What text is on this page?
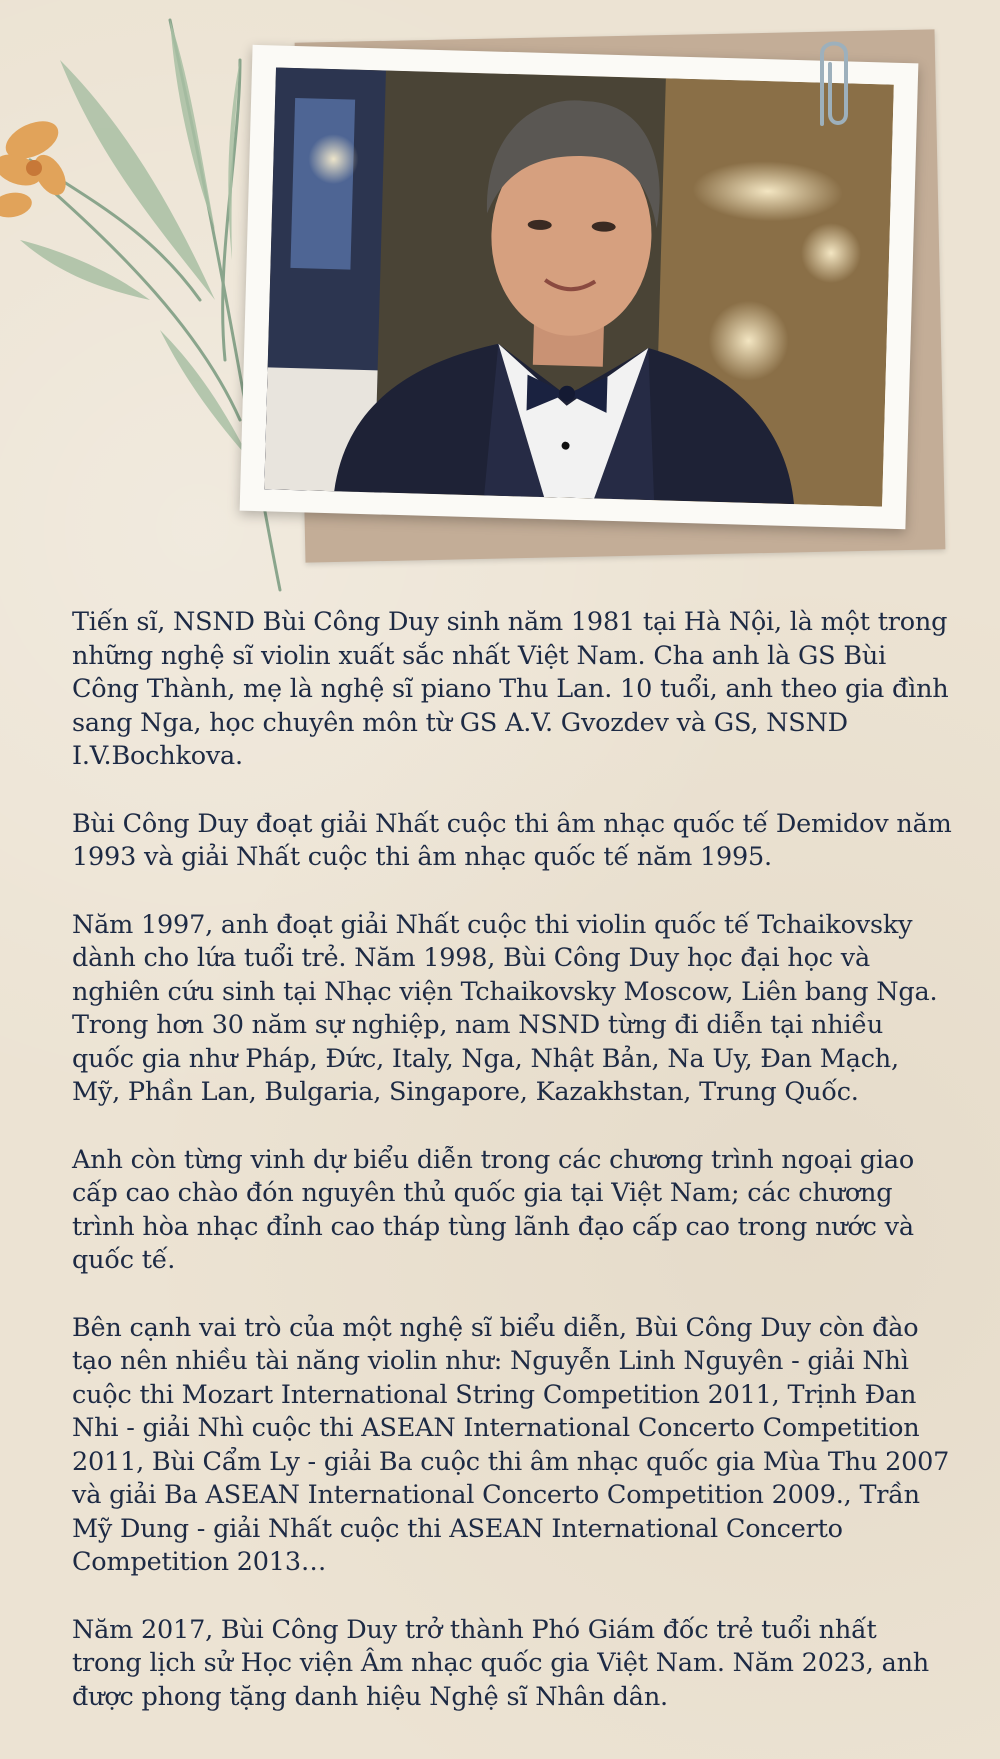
Tiến sĩ, NSND Bùi Công Duy sinh năm 1981 tại Hà Nội, là một trong những nghệ sĩ violin xuất sắc nhất Việt Nam. Cha anh là GS Bùi Công Thành, mẹ là nghệ sĩ piano Thu Lan. 10 tuổi, anh theo gia đình sang Nga, học chuyên môn từ GS A.V. Gvozdev và GS, NSND I.V.Bochkova.

Bùi Công Duy đoạt giải Nhất cuộc thi âm nhạc quốc tế Demidov năm 1993 và giải Nhất cuộc thi âm nhạc quốc tế năm 1995.

Năm 1997, anh đoạt giải Nhất cuộc thi violin quốc tế Tchaikovsky dành cho lứa tuổi trẻ. Năm 1998, Bùi Công Duy học đại học và nghiên cứu sinh tại Nhạc viện Tchaikovsky Moscow, Liên bang Nga. Trong hơn 30 năm sự nghiệp, nam NSND từng đi diễn tại nhiều quốc gia như Pháp, Đức, Italy, Nga, Nhật Bản, Na Uy, Đan Mạch, Mỹ, Phần Lan, Bulgaria, Singapore, Kazakhstan, Trung Quốc.

Anh còn từng vinh dự biểu diễn trong các chương trình ngoại giao cấp cao chào đón nguyên thủ quốc gia tại Việt Nam; các chương trình hòa nhạc đỉnh cao tháp tùng lãnh đạo cấp cao trong nước và quốc tế.

Bên cạnh vai trò của một nghệ sĩ biểu diễn, Bùi Công Duy còn đào tạo nên nhiều tài năng violin như: Nguyễn Linh Nguyên - giải Nhì cuộc thi Mozart International String Competition 2011, Trịnh Đan Nhi - giải Nhì cuộc thi ASEAN International Concerto Competition 2011, Bùi Cẩm Ly - giải Ba cuộc thi âm nhạc quốc gia Mùa Thu 2007 và giải Ba ASEAN International Concerto Competition 2009., Trần Mỹ Dung - giải Nhất cuộc thi ASEAN International Concerto Competition 2013…

Năm 2017, Bùi Công Duy trở thành Phó Giám đốc trẻ tuổi nhất trong lịch sử Học viện Âm nhạc quốc gia Việt Nam. Năm 2023, anh được phong tặng danh hiệu Nghệ sĩ Nhân dân.
